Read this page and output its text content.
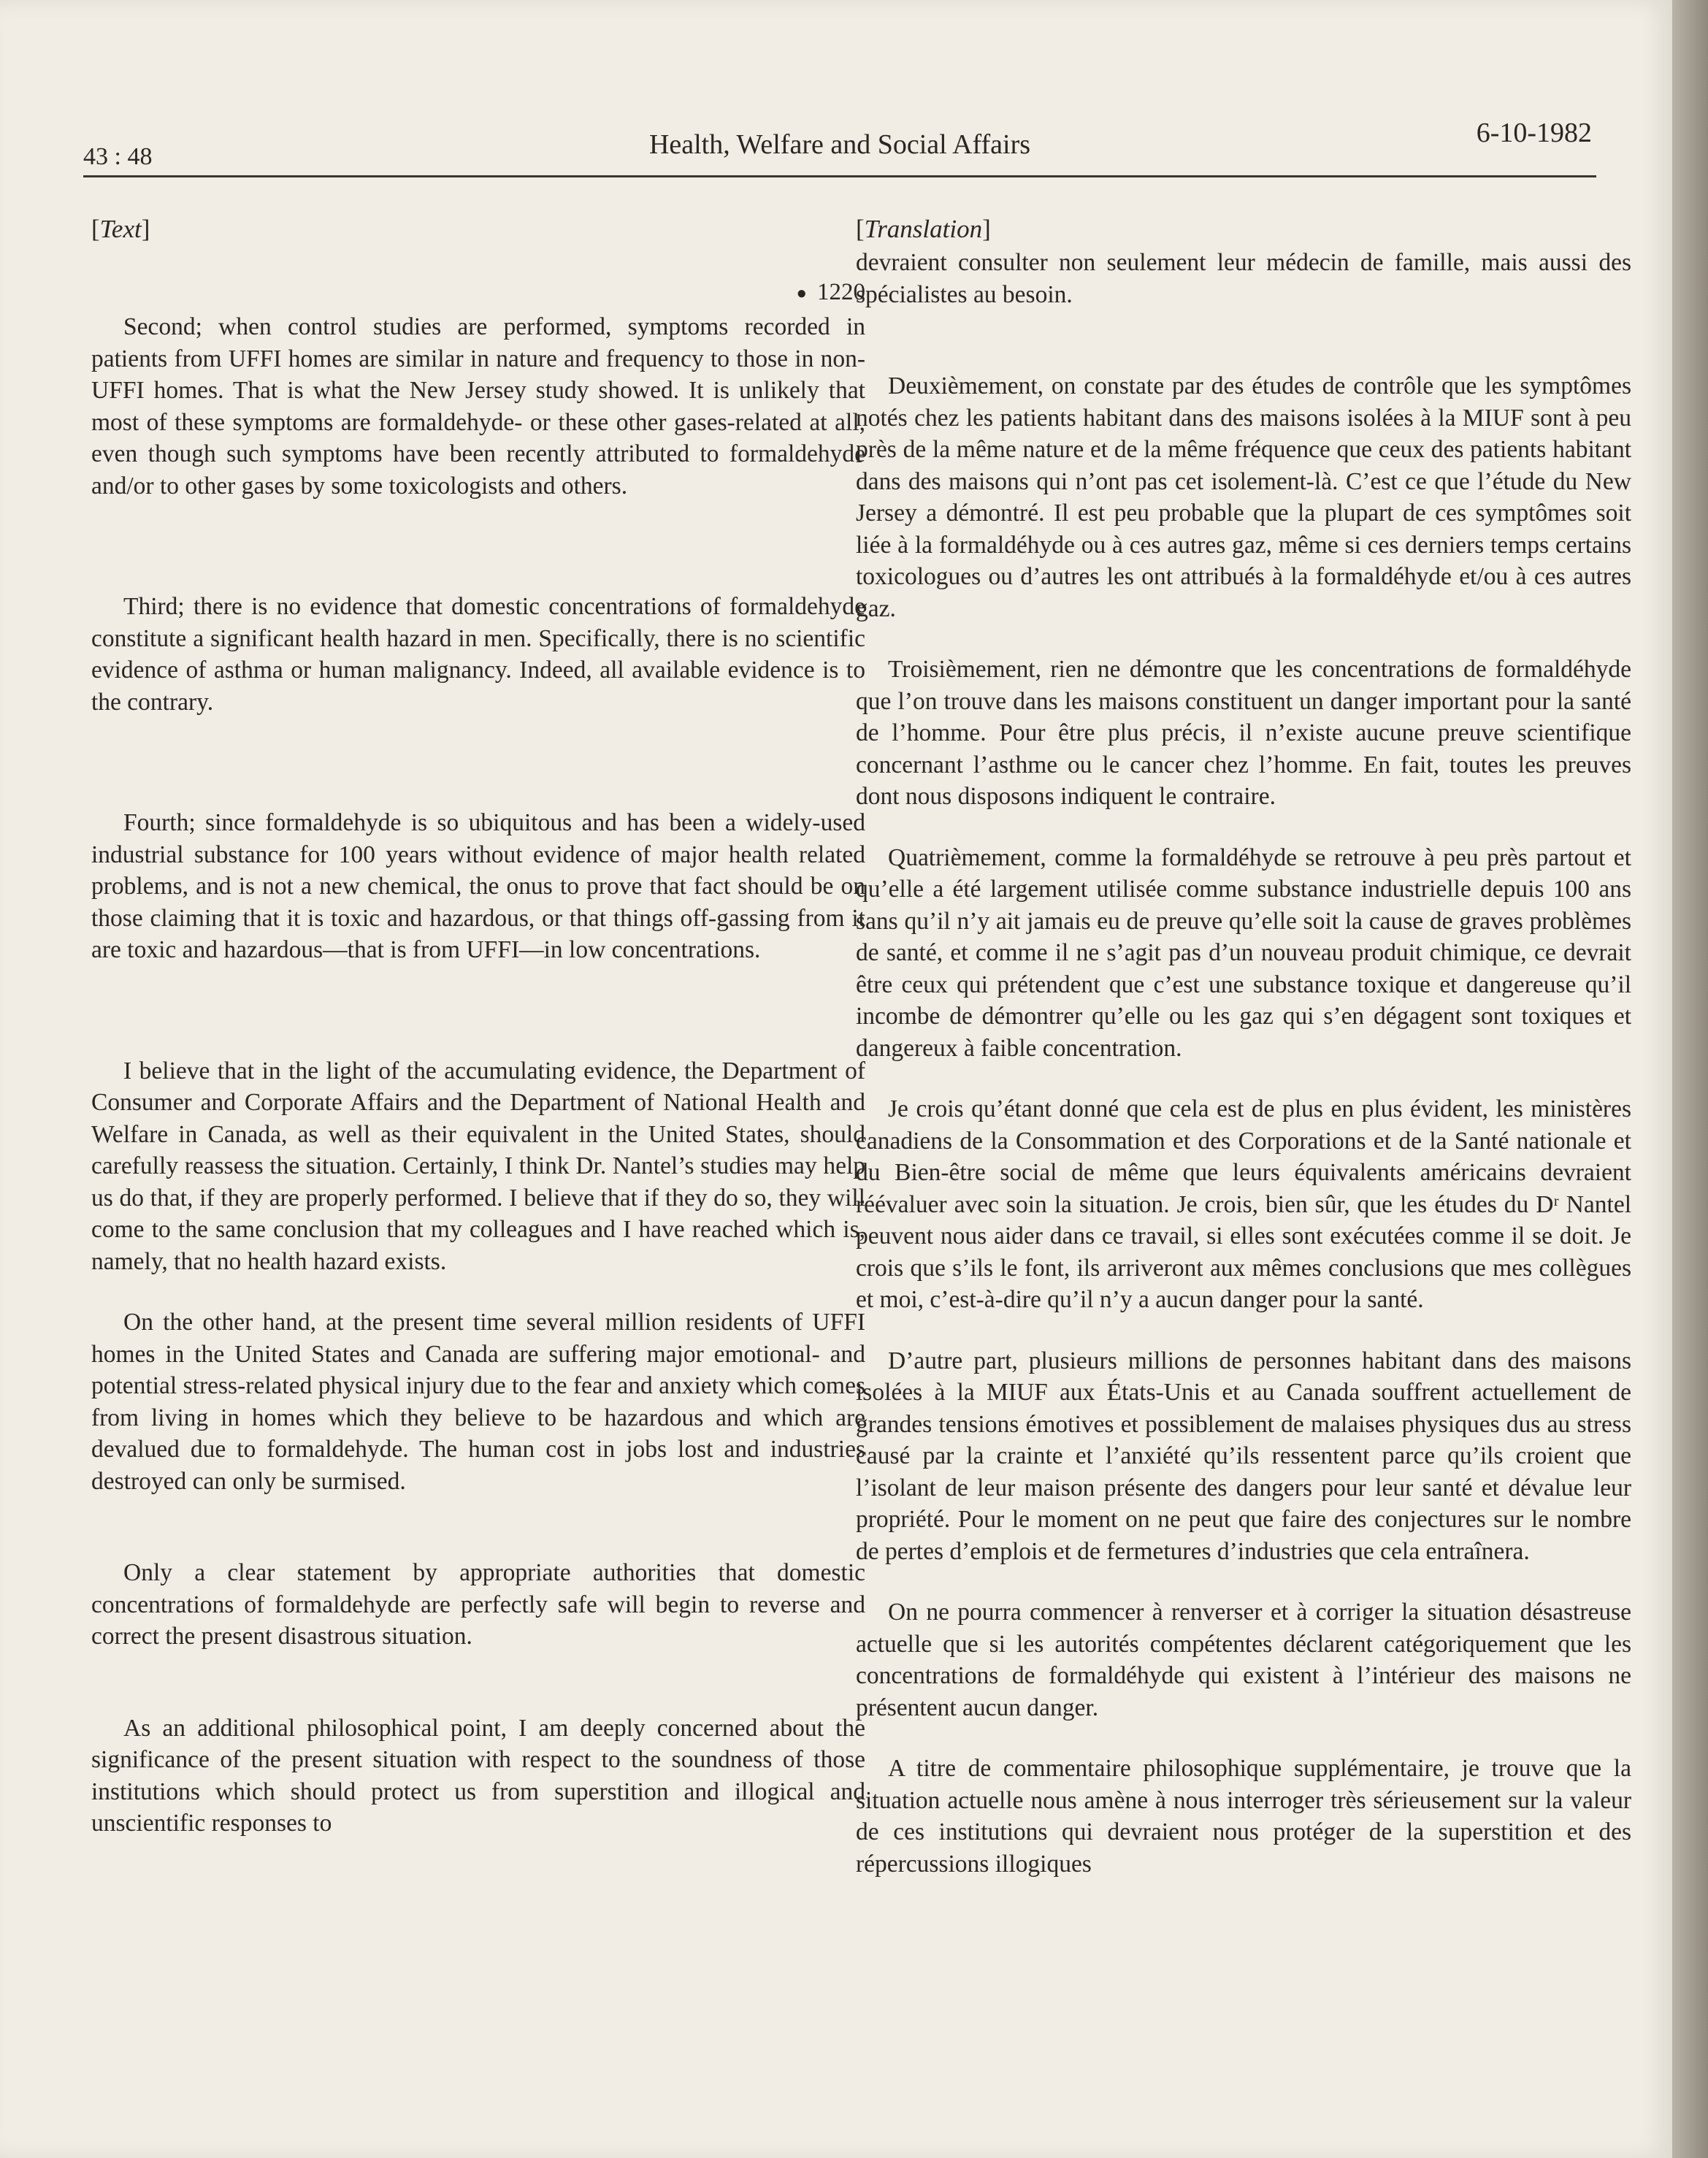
43 : 48	Health, Welfare and Social Affairs	6-10-1982
[Text]
● 1220

Second; when control studies are performed, symptoms recorded in patients from UFFI homes are similar in nature and frequency to those in non-UFFI homes. That is what the New Jersey study showed. It is unlikely that most of these symptoms are formaldehyde- or these other gases-related at all, even though such symptoms have been recently attributed to formaldehyde and/or to other gases by some toxicologists and others.

Third; there is no evidence that domestic concentrations of formaldehyde constitute a significant health hazard in men. Specifically, there is no scientific evidence of asthma or human malignancy. Indeed, all available evidence is to the contrary.

Fourth; since formaldehyde is so ubiquitous and has been a widely-used industrial substance for 100 years without evidence of major health related problems, and is not a new chemical, the onus to prove that fact should be on those claiming that it is toxic and hazardous, or that things off-gassing from it are toxic and hazardous—that is from UFFI—in low concentrations.

I believe that in the light of the accumulating evidence, the Department of Consumer and Corporate Affairs and the Department of National Health and Welfare in Canada, as well as their equivalent in the United States, should carefully reassess the situation. Certainly, I think Dr. Nantel’s studies may help us do that, if they are properly performed. I believe that if they do so, they will come to the same conclusion that my colleagues and I have reached which is, namely, that no health hazard exists.

On the other hand, at the present time several million residents of UFFI homes in the United States and Canada are suffering major emotional- and potential stress-related physical injury due to the fear and anxiety which comes from living in homes which they believe to be hazardous and which are devalued due to formaldehyde. The human cost in jobs lost and industries destroyed can only be surmised.

Only a clear statement by appropriate authorities that domestic concentrations of formaldehyde are perfectly safe will begin to reverse and correct the present disastrous situation.

As an additional philosophical point, I am deeply concerned about the significance of the present situation with respect to the soundness of those institutions which should protect us from superstition and illogical and unscientific responses to

[Translation]

devraient consulter non seulement leur médecin de famille, mais aussi des spécialistes au besoin.

Deuxièmement, on constate par des études de contrôle que les symptômes notés chez les patients habitant dans des maisons isolées à la MIUF sont à peu près de la même nature et de la même fréquence que ceux des patients habitant dans des maisons qui n’ont pas cet isolement-là. C’est ce que l’étude du New Jersey a démontré. Il est peu probable que la plupart de ces symptômes soit liée à la formaldéhyde ou à ces autres gaz, même si ces derniers temps certains toxicologues ou d’autres les ont attribués à la formaldéhyde et/ou à ces autres gaz.

Troisièmement, rien ne démontre que les concentrations de formaldéhyde que l’on trouve dans les maisons constituent un danger important pour la santé de l’homme. Pour être plus précis, il n’existe aucune preuve scientifique concernant l’asthme ou le cancer chez l’homme. En fait, toutes les preuves dont nous disposons indiquent le contraire.

Quatrièmement, comme la formaldéhyde se retrouve à peu près partout et qu’elle a été largement utilisée comme substance industrielle depuis 100 ans sans qu’il n’y ait jamais eu de preuve qu’elle soit la cause de graves problèmes de santé, et comme il ne s’agit pas d’un nouveau produit chimique, ce devrait être ceux qui prétendent que c’est une substance toxique et dangereuse qu’il incombe de démontrer qu’elle ou les gaz qui s’en dégagent sont toxiques et dangereux à faible concentration.

Je crois qu’étant donné que cela est de plus en plus évident, les ministères canadiens de la Consommation et des Corporations et de la Santé nationale et du Bien-être social de même que leurs équivalents américains devraient réévaluer avec soin la situation. Je crois, bien sûr, que les études du Dʳ Nantel peuvent nous aider dans ce travail, si elles sont exécutées comme il se doit. Je crois que s’ils le font, ils arriveront aux mêmes conclusions que mes collègues et moi, c’est-à-dire qu’il n’y a aucun danger pour la santé.

D’autre part, plusieurs millions de personnes habitant dans des maisons isolées à la MIUF aux États-Unis et au Canada souffrent actuellement de grandes tensions émotives et possiblement de malaises physiques dus au stress causé par la crainte et l’anxiété qu’ils ressentent parce qu’ils croient que l’isolant de leur maison présente des dangers pour leur santé et dévalue leur propriété. Pour le moment on ne peut que faire des conjectures sur le nombre de pertes d’emplois et de fermetures d’industries que cela entraînera.

On ne pourra commencer à renverser et à corriger la situation désastreuse actuelle que si les autorités compétentes déclarent catégoriquement que les concentrations de formaldéhyde qui existent à l’intérieur des maisons ne présentent aucun danger.

A titre de commentaire philosophique supplémentaire, je trouve que la situation actuelle nous amène à nous interroger très sérieusement sur la valeur de ces institutions qui devraient nous protéger de la superstition et des répercussions illogiques
